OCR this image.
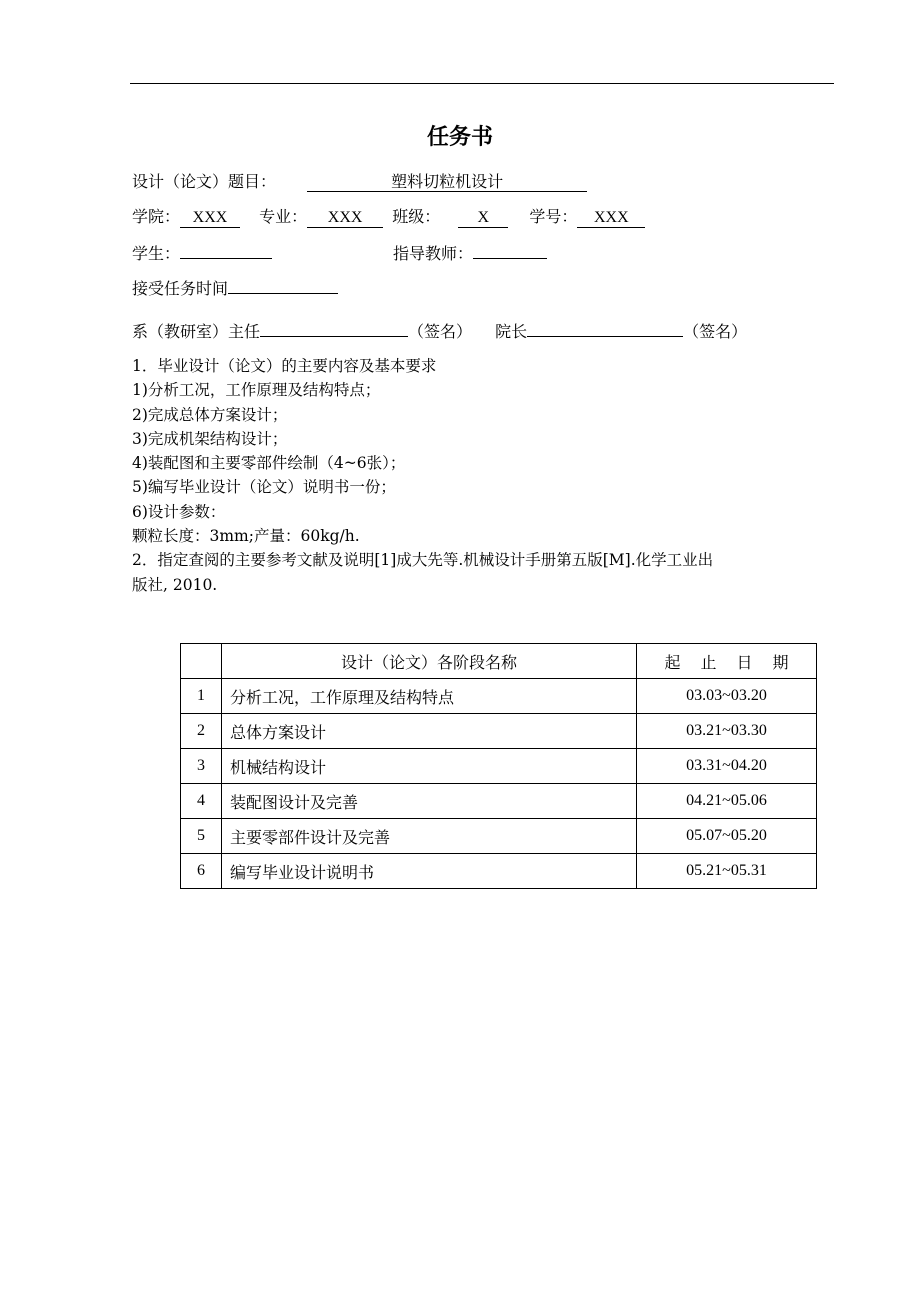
任务书
设计（论文）题目：	塑料切粒机设计
学院： XXX 专业： XXX 班级： X	学号： XXX
学生：	指导教师：
接受任务时间
系（教研室）主任	（签名） 院长	（签名）
1．毕业设计（论文）的主要内容及基本要求
1)分析工况，工作原理及结构特点；
2)完成总体方案设计；
3)完成机架结构设计；
4)装配图和主要零部件绘制（4~6张）；
5)编写毕业设计（论文）说明书一份；
6)设计参数：
颗粒长度：3mm;产量：60kg/h.
2．指定查阅的主要参考文献及说明[1]成大先等.机械设计手册第五版[M].化学工业出
版社, 2010.
	设计（论文）各阶段名称	起 止 日 期
1	分析工况，工作原理及结构特点	03.03~03.20
2	总体方案设计	03.21~03.30
3	机械结构设计	03.31~04.20
4	装配图设计及完善	04.21~05.06
5	主要零部件设计及完善	05.07~05.20
6	编写毕业设计说明书	05.21~05.31
